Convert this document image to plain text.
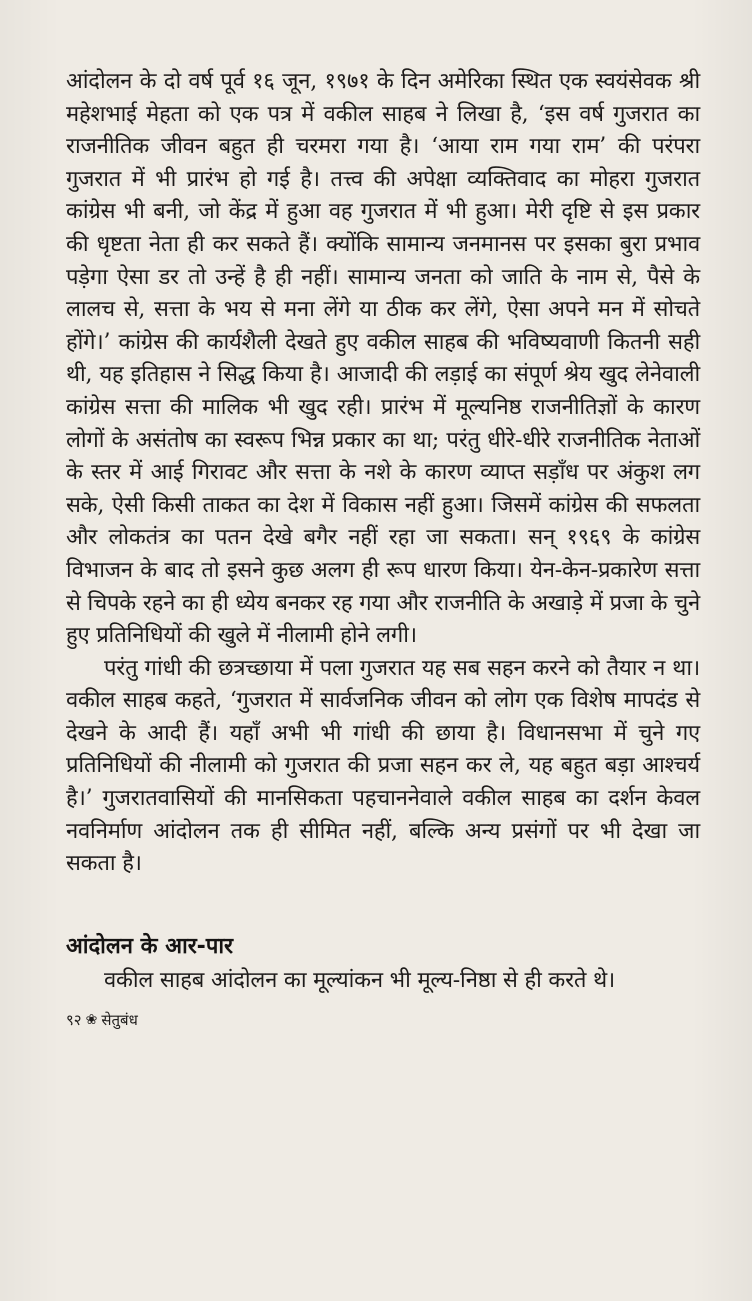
आंदोलन के दो वर्ष पूर्व १६ जून, १९७१ के दिन अमेरिका स्थित एक स्वयंसेवक श्री महेशभाई मेहता को एक पत्र में वकील साहब ने लिखा है, ‘इस वर्ष गुजरात का राजनीतिक जीवन बहुत ही चरमरा गया है। ‘आया राम गया राम’ की परंपरा गुजरात में भी प्रारंभ हो गई है। तत्त्व की अपेक्षा व्यक्तिवाद का मोहरा गुजरात कांग्रेस भी बनी, जो केंद्र में हुआ वह गुजरात में भी हुआ। मेरी दृष्टि से इस प्रकार की धृष्टता नेता ही कर सकते हैं। क्योंकि सामान्य जनमानस पर इसका बुरा प्रभाव पड़ेगा ऐसा डर तो उन्हें है ही नहीं। सामान्य जनता को जाति के नाम से, पैसे के लालच से, सत्ता के भय से मना लेंगे या ठीक कर लेंगे, ऐसा अपने मन में सोचते होंगे।’ कांग्रेस की कार्यशैली देखते हुए वकील साहब की भविष्यवाणी कितनी सही थी, यह इतिहास ने सिद्ध किया है। आजादी की लड़ाई का संपूर्ण श्रेय खुद लेनेवाली कांग्रेस सत्ता की मालिक भी खुद रही। प्रारंभ में मूल्यनिष्ठ राजनीतिज्ञों के कारण लोगों के असंतोष का स्वरूप भिन्न प्रकार का था; परंतु धीरे-धीरे राजनीतिक नेताओं के स्तर में आई गिरावट और सत्ता के नशे के कारण व्याप्त सड़ाँध पर अंकुश लग सके, ऐसी किसी ताकत का देश में विकास नहीं हुआ। जिसमें कांग्रेस की सफलता और लोकतंत्र का पतन देखे बगैर नहीं रहा जा सकता। सन् १९६९ के कांग्रेस विभाजन के बाद तो इसने कुछ अलग ही रूप धारण किया। येन-केन-प्रकारेण सत्ता से चिपके रहने का ही ध्येय बनकर रह गया और राजनीति के अखाड़े में प्रजा के चुने हुए प्रतिनिधियों की खुले में नीलामी होने लगी।

परंतु गांधी की छत्रच्छाया में पला गुजरात यह सब सहन करने को तैयार न था। वकील साहब कहते, ‘गुजरात में सार्वजनिक जीवन को लोग एक विशेष मापदंड से देखने के आदी हैं। यहाँ अभी भी गांधी की छाया है। विधानसभा में चुने गए प्रतिनिधियों की नीलामी को गुजरात की प्रजा सहन कर ले, यह बहुत बड़ा आश्चर्य है।’ गुजरातवासियों की मानसिकता पहचाननेवाले वकील साहब का दर्शन केवल नवनिर्माण आंदोलन तक ही सीमित नहीं, बल्कि अन्य प्रसंगों पर भी देखा जा सकता है।

आंदोलन के आर-पार

वकील साहब आंदोलन का मूल्यांकन भी मूल्य-निष्ठा से ही करते थे।

९२ ❀ सेतुबंध
